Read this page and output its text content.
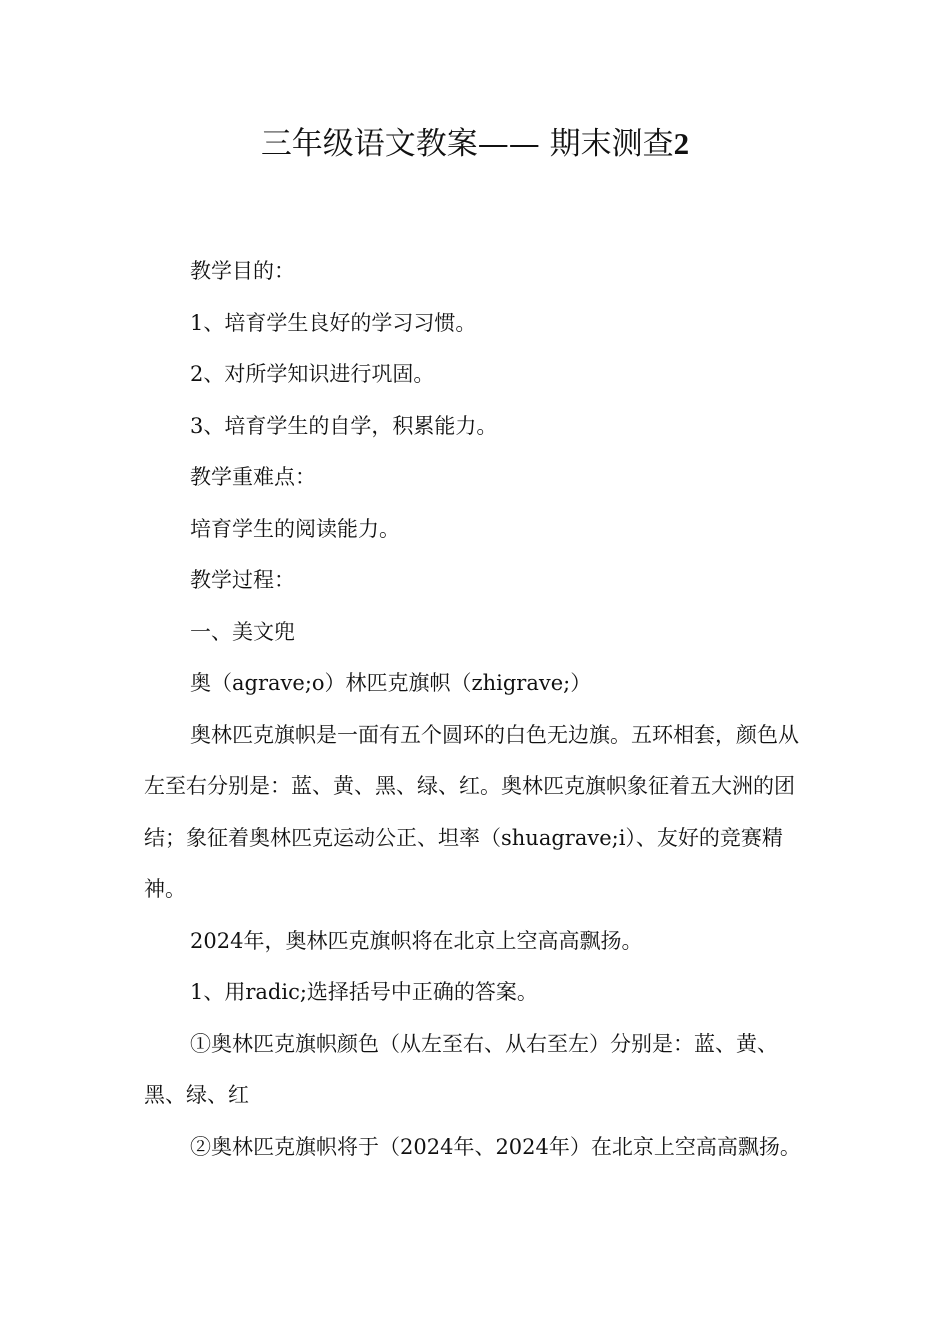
三年级语文教案—— 期末测查2

教学目的：

1、培育学生良好的学习习惯。

2、对所学知识进行巩固。

3、培育学生的自学，积累能力。

教学重难点：

培育学生的阅读能力。

教学过程：

一、美文兜

奥（agrave;o）林匹克旗帜（zhigrave;）

奥林匹克旗帜是一面有五个圆环的白色无边旗。五环相套，颜色从左至右分别是：蓝、黄、黑、绿、红。奥林匹克旗帜象征着五大洲的团结；象征着奥林匹克运动公正、坦率（shuagrave;i）、友好的竞赛精神。

2024年，奥林匹克旗帜将在北京上空高高飘扬。

1、用radic;选择括号中正确的答案。

①奥林匹克旗帜颜色（从左至右、从右至左）分别是：蓝、黄、黑、绿、红

②奥林匹克旗帜将于（2024年、2024年）在北京上空高高飘扬。
